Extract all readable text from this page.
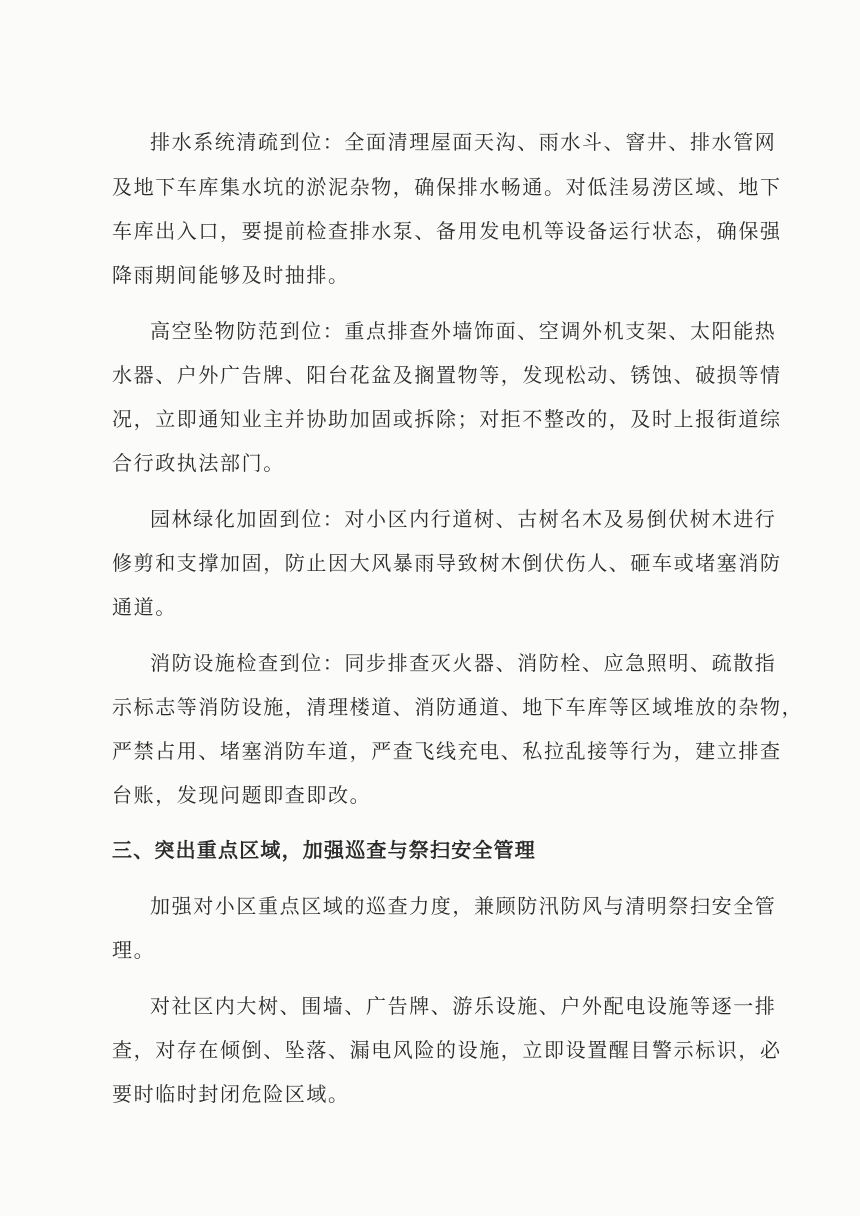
排水系统清疏到位：全面清理屋面天沟、雨水斗、窨井、排水管网
及地下车库集水坑的淤泥杂物，确保排水畅通。对低洼易涝区域、地下
车库出入口，要提前检查排水泵、备用发电机等设备运行状态，确保强
降雨期间能够及时抽排。
高空坠物防范到位：重点排查外墙饰面、空调外机支架、太阳能热
水器、户外广告牌、阳台花盆及搁置物等，发现松动、锈蚀、破损等情
况，立即通知业主并协助加固或拆除；对拒不整改的，及时上报街道综
合行政执法部门。
园林绿化加固到位：对小区内行道树、古树名木及易倒伏树木进行
修剪和支撑加固，防止因大风暴雨导致树木倒伏伤人、砸车或堵塞消防
通道。
消防设施检查到位：同步排查灭火器、消防栓、应急照明、疏散指
示标志等消防设施，清理楼道、消防通道、地下车库等区域堆放的杂物，
严禁占用、堵塞消防车道，严查飞线充电、私拉乱接等行为，建立排查
台账，发现问题即查即改。
三、突出重点区域，加强巡查与祭扫安全管理
加强对小区重点区域的巡查力度，兼顾防汛防风与清明祭扫安全管
理。
对社区内大树、围墙、广告牌、游乐设施、户外配电设施等逐一排
查，对存在倾倒、坠落、漏电风险的设施，立即设置醒目警示标识，必
要时临时封闭危险区域。
